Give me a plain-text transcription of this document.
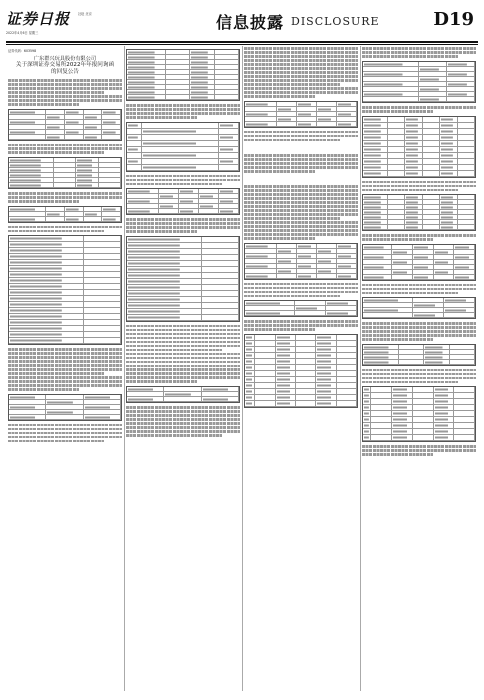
证券日报 社址 北京
2022年4月6日 星期三
信息披露 DISCLOSURE	D19
证券代码：603598
广东群兴玩具股份有限公司
关于深圳证券交易所2022年年报问询函
的回复公告
